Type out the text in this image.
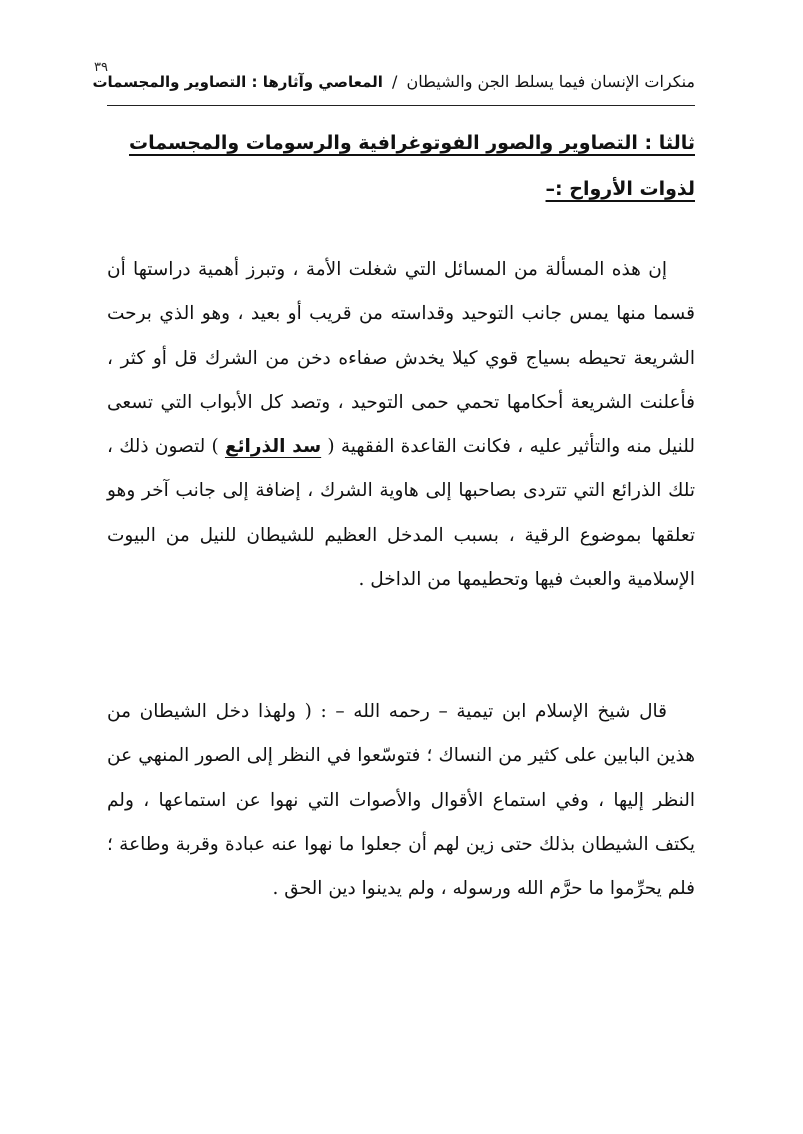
٣٩
منكرات الإنسان فيما يسلط الجن والشيطان / المعاصي وآثارها : التصاوير والمجسمات
ثالثا : التصاوير والصور الفوتوغرافية والرسومات والمجسمات
لذوات الأرواح :–

إن هذه المسألة من المسائل التي شغلت الأمة ، وتبرز أهمية دراستها أن قسما منها يمس جانب التوحيد وقداسته من قريب أو بعيد ، وهو الذي برحت الشريعة تحيطه بسياج قوي كيلا يخدش صفاءه دخن من الشرك قل أو كثر ، فأعلنت الشريعة أحكامها تحمي حمى التوحيد ، وتصد كل الأبواب التي تسعى للنيل منه والتأثير عليه ، فكانت القاعدة الفقهية ( سد الذرائع ) لتصون ذلك ، تلك الذرائع التي تتردى بصاحبها إلى هاوية الشرك ، إضافة إلى جانب آخر وهو تعلقها بموضوع الرقية ، بسبب المدخل العظيم للشيطان للنيل من البيوت الإسلامية والعبث فيها وتحطيمها من الداخل .

قال شيخ الإسلام ابن تيمية – رحمه الله – : ( ولهذا دخل الشيطان من هذين البابين على كثير من النساك ؛ فتوسّعوا في النظر إلى الصور المنهي عن النظر إليها ، وفي استماع الأقوال والأصوات التي نهوا عن استماعها ، ولم يكتف الشيطان بذلك حتى زين لهم أن جعلوا ما نهوا عنه عبادة وقربة وطاعة ؛ فلم يحرِّموا ما حرَّم الله ورسوله ، ولم يدينوا دين الحق .
